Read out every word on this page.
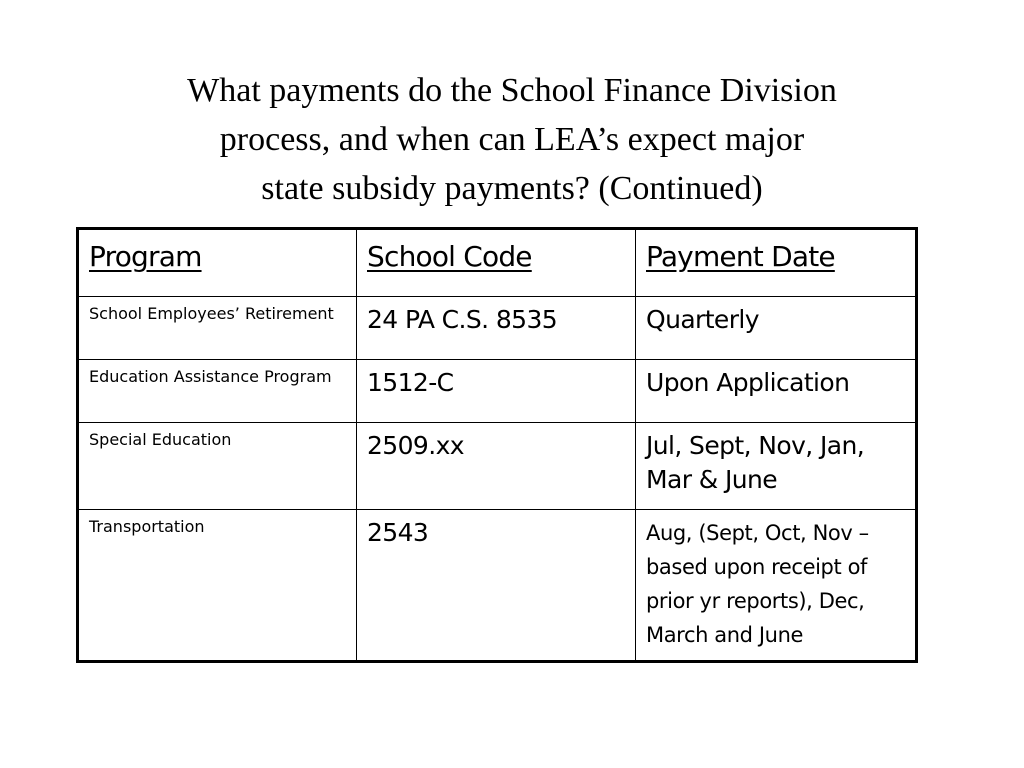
What payments do the School Finance Division
process, and when can LEA’s expect major
state subsidy payments? (Continued)
Program	School Code	Payment Date
School Employees’ Retirement	24 PA C.S. 8535	Quarterly
Education Assistance Program	1512-C	Upon Application
Special Education	2509.xx	Jul, Sept, Nov, Jan, Mar & June
Transportation	2543	Aug, (Sept, Oct, Nov – based upon receipt of prior yr reports), Dec, March and June
